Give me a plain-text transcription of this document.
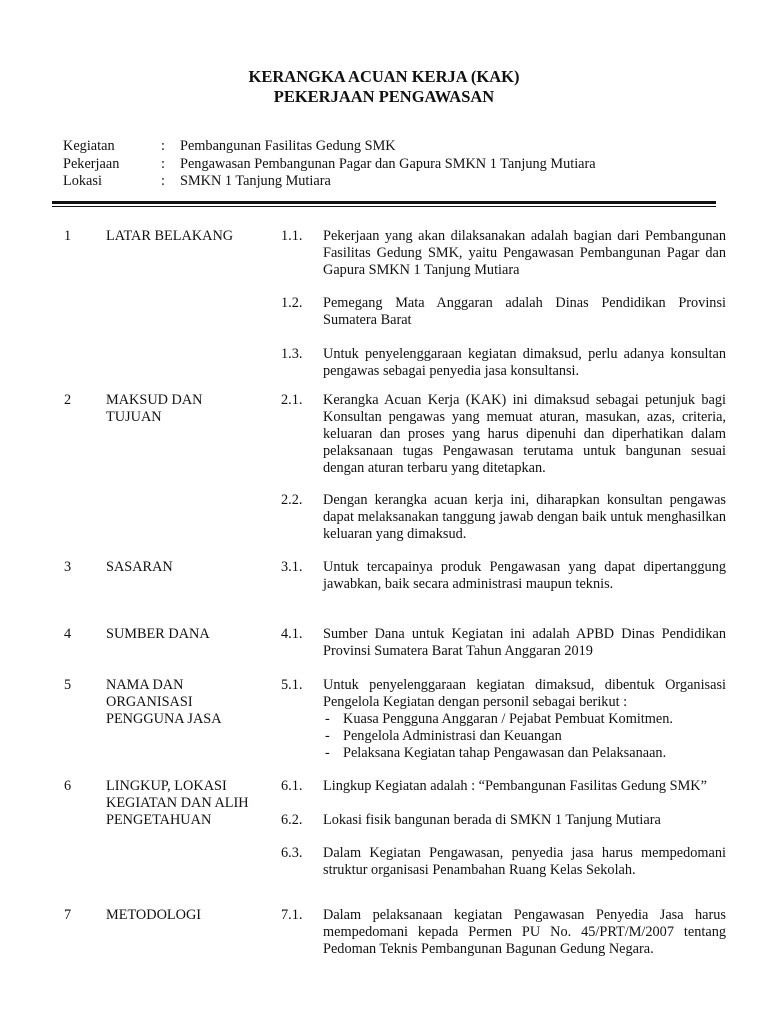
KERANGKA ACUAN KERJA (KAK)
PEKERJAAN PENGAWASAN
Kegiatan	: Pembangunan Fasilitas Gedung SMK
Pekerjaan	: Pengawasan Pembangunan Pagar dan Gapura SMKN 1 Tanjung Mutiara
Lokasi	: SMKN 1 Tanjung Mutiara
1 LATAR BELAKANG	1.1. Pekerjaan yang akan dilaksanakan adalah bagian dari Pembangunan Fasilitas Gedung SMK, yaitu Pengawasan Pembangunan Pagar dan Gapura SMKN 1 Tanjung Mutiara
1.2. Pemegang Mata Anggaran adalah Dinas Pendidikan Provinsi Sumatera Barat
1.3. Untuk penyelenggaraan kegiatan dimaksud, perlu adanya konsultan pengawas sebagai penyedia jasa konsultansi.
2 MAKSUD DAN TUJUAN
2.1. Kerangka Acuan Kerja (KAK) ini dimaksud sebagai petunjuk bagi Konsultan pengawas yang memuat aturan, masukan, azas, criteria, keluaran dan proses yang harus dipenuhi dan diperhatikan dalam pelaksanaan tugas Pengawasan terutama untuk bangunan sesuai dengan aturan terbaru yang ditetapkan.
2.2. Dengan kerangka acuan kerja ini, diharapkan konsultan pengawas dapat melaksanakan tanggung jawab dengan baik untuk menghasilkan keluaran yang dimaksud.
3 SASARAN	3.1. Untuk tercapainya produk Pengawasan yang dapat dipertanggung jawabkan, baik secara administrasi maupun teknis.
4 SUMBER DANA	4.1. Sumber Dana untuk Kegiatan ini adalah APBD Dinas Pendidikan Provinsi Sumatera Barat Tahun Anggaran 2019
5 NAMA DAN ORGANISASI PENGGUNA JASA
5.1. Untuk penyelenggaraan kegiatan dimaksud, dibentuk Organisasi Pengelola Kegiatan dengan personil sebagai berikut :
- Kuasa Pengguna Anggaran / Pejabat Pembuat Komitmen.
- Pengelola Administrasi dan Keuangan
- Pelaksana Kegiatan tahap Pengawasan dan Pelaksanaan.
6 LINGKUP, LOKASI KEGIATAN DAN ALIH PENGETAHUAN
6.1. Lingkup Kegiatan adalah : “Pembangunan Fasilitas Gedung SMK”
6.2. Lokasi fisik bangunan berada di SMKN 1 Tanjung Mutiara
6.3. Dalam Kegiatan Pengawasan, penyedia jasa harus mempedomani struktur organisasi Penambahan Ruang Kelas Sekolah.
7 METODOLOGI	7.1. Dalam pelaksanaan kegiatan Pengawasan Penyedia Jasa harus mempedomani kepada Permen PU No. 45/PRT/M/2007 tentang Pedoman Teknis Pembangunan Bagunan Gedung Negara.
